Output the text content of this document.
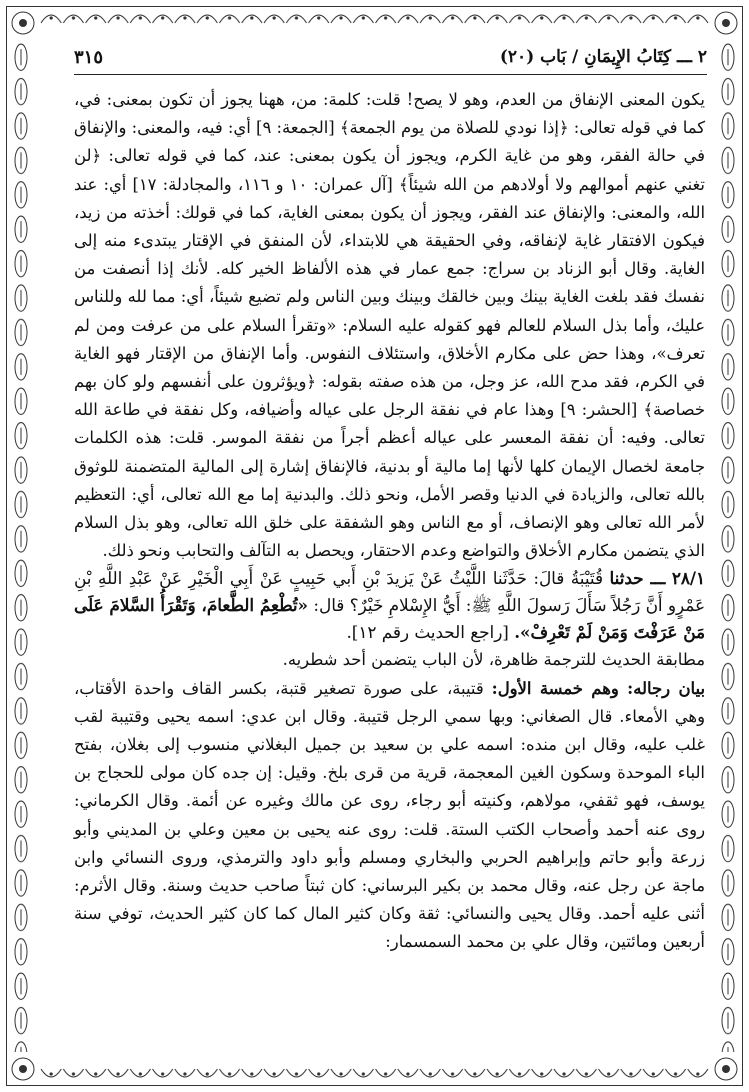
٢ ـــ كِتَابُ الإِيمَانِ / بَاب (٢٠)
٣١٥

يكون المعنى الإنفاق من العدم، وهو لا يصح! قلت: كلمة: من، ههنا يجوز أن تكون بمعنى: في، كما في قوله تعالى: ﴿إذا نودي للصلاة من يوم الجمعة﴾ [الجمعة: ٩] أي: فيه، والمعنى: والإنفاق في حالة الفقر، وهو من غاية الكرم، ويجوز أن يكون بمعنى: عند، كما في قوله تعالى: ﴿لن تغني عنهم أموالهم ولا أولادهم من الله شيئاً﴾ [آل عمران: ١٠ و ١١٦، والمجادلة: ١٧] أي: عند الله، والمعنى: والإنفاق عند الفقر، ويجوز أن يكون بمعنى الغاية، كما في قولك: أخذته من زيد، فيكون الافتقار غاية لإنفاقه، وفي الحقيقة هي للابتداء، لأن المنفق في الإقتار يبتدىء منه إلى الغاية. وقال أبو الزناد بن سراج: جمع عمار في هذه الألفاظ الخير كله. لأنك إذا أنصفت من نفسك فقد بلغت الغاية بينك وبين خالقك وبينك وبين الناس ولم تضيع شيئاً، أي: مما لله وللناس عليك، وأما بذل السلام للعالم فهو كقوله عليه السلام: «وتقرأ السلام على من عرفت ومن لم تعرف»، وهذا حض على مكارم الأخلاق، واستئلاف النفوس. وأما الإنفاق من الإقتار فهو الغاية في الكرم، فقد مدح الله، عز وجل، من هذه صفته بقوله: ﴿ويؤثرون على أنفسهم ولو كان بهم خصاصة﴾ [الحشر: ٩] وهذا عام في نفقة الرجل على عياله وأضيافه، وكل نفقة في طاعة الله تعالى. وفيه: أن نفقة المعسر على عياله أعظم أجراً من نفقة الموسر. قلت: هذه الكلمات جامعة لخصال الإيمان كلها لأنها إما مالية أو بدنية، فالإنفاق إشارة إلى المالية المتضمنة للوثوق بالله تعالى، والزيادة في الدنيا وقصر الأمل، ونحو ذلك. والبدنية إما مع الله تعالى، أي: التعظيم لأمر الله تعالى وهو الإنصاف، أو مع الناس وهو الشفقة على خلق الله تعالى، وهو بذل السلام الذي يتضمن مكارم الأخلاق والتواضع وعدم الاحتقار، ويحصل به التآلف والتحابب ونحو ذلك.

٢٨/١ ـــ حدثنا قُتَيْبَةُ قالَ: حَدَّثَنا اللَّيْثُ عَنْ يَزيدَ بْنِ أَبي حَبِيبٍ عَنْ أَبِي الْخَيْرِ عَنْ عَبْدِ اللَّهِ بْنِ عَمْرٍو أَنَّ رَجُلاً سَأَلَ رَسولَ اللَّهِ ﷺ: أَيُّ الإِسْلامِ خَيْرٌ؟ قال: «تُطْعِمُ الطَّعامَ، وَتَقْرَأُ السَّلامَ عَلَى مَنْ عَرَفْتَ وَمَنْ لَمْ تَعْرِفْ». [راجع الحديث رقم ١٢].

مطابقة الحديث للترجمة ظاهرة، لأن الباب يتضمن أحد شطريه.

بيان رجاله: وهم خمسة الأول: قتيبة، على صورة تصغير قتبة، بكسر القاف واحدة الأقتاب، وهي الأمعاء. قال الصغاني: وبها سمي الرجل قتيبة. وقال ابن عدي: اسمه يحيى وقتيبة لقب غلب عليه، وقال ابن منده: اسمه علي بن سعيد بن جميل البغلاني منسوب إلى بغلان، بفتح الباء الموحدة وسكون الغين المعجمة، قرية من قرى بلخ. وقيل: إن جده كان مولى للحجاج بن يوسف، فهو ثقفي، مولاهم، وكنيته أبو رجاء، روى عن مالك وغيره عن أئمة. وقال الكرماني: روى عنه أحمد وأصحاب الكتب الستة. قلت: روى عنه يحيى بن معين وعلي بن المديني وأبو زرعة وأبو حاتم وإبراهيم الحربي والبخاري ومسلم وأبو داود والترمذي، وروى النسائي وابن ماجة عن رجل عنه، وقال محمد بن بكير البرساني: كان ثبتاً صاحب حديث وسنة. وقال الأثرم: أثنى عليه أحمد. وقال يحيى والنسائي: ثقة وكان كثير المال كما كان كثير الحديث، توفي سنة أربعين ومائتين، وقال علي بن محمد السمسمار:
